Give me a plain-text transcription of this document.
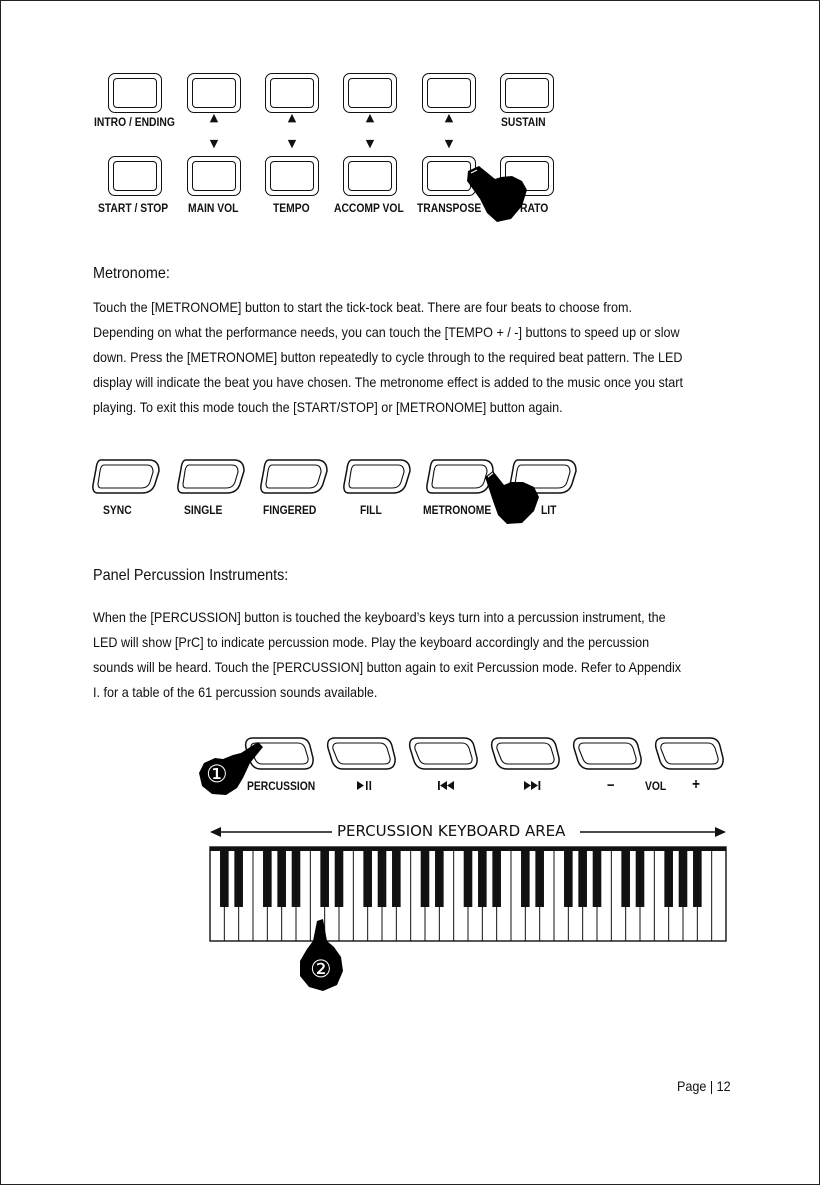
INTRO / ENDING	SUSTAIN
▲	▲	▲	▲
▼	▼	▼	▼
START / STOP MAIN VOL	TEMPO ACCOMP VOL TRANSPOSE	RATO
Metronome:
Touch the [METRONOME] button to start the tick-tock beat. There are four beats to choose from.
Depending on what the performance needs, you can touch the [TEMPO + / -] buttons to speed up or slow
down. Press the [METRONOME] button repeatedly to cycle through to the required beat pattern. The LED
display will indicate the beat you have chosen. The metronome effect is added to the music once you start
playing. To exit this mode touch the [START/STOP] or [METRONOME] button again.
SYNC	SINGLE	FINGERED	FILL	METRONOME	LIT
Panel Percussion Instruments:
When the [PERCUSSION] button is touched the keyboard’s keys turn into a percussion instrument, the
LED will show [PrC] to indicate percussion mode. Play the keyboard accordingly and the percussion
sounds will be heard. Touch the [PERCUSSION] button again to exit Percussion mode. Refer to Appendix
I. for a table of the 61 percussion sounds available.
PERCUSSION	−	VOL +
①
②
PERCUSSION KEYBOARD AREA
Page | 12
